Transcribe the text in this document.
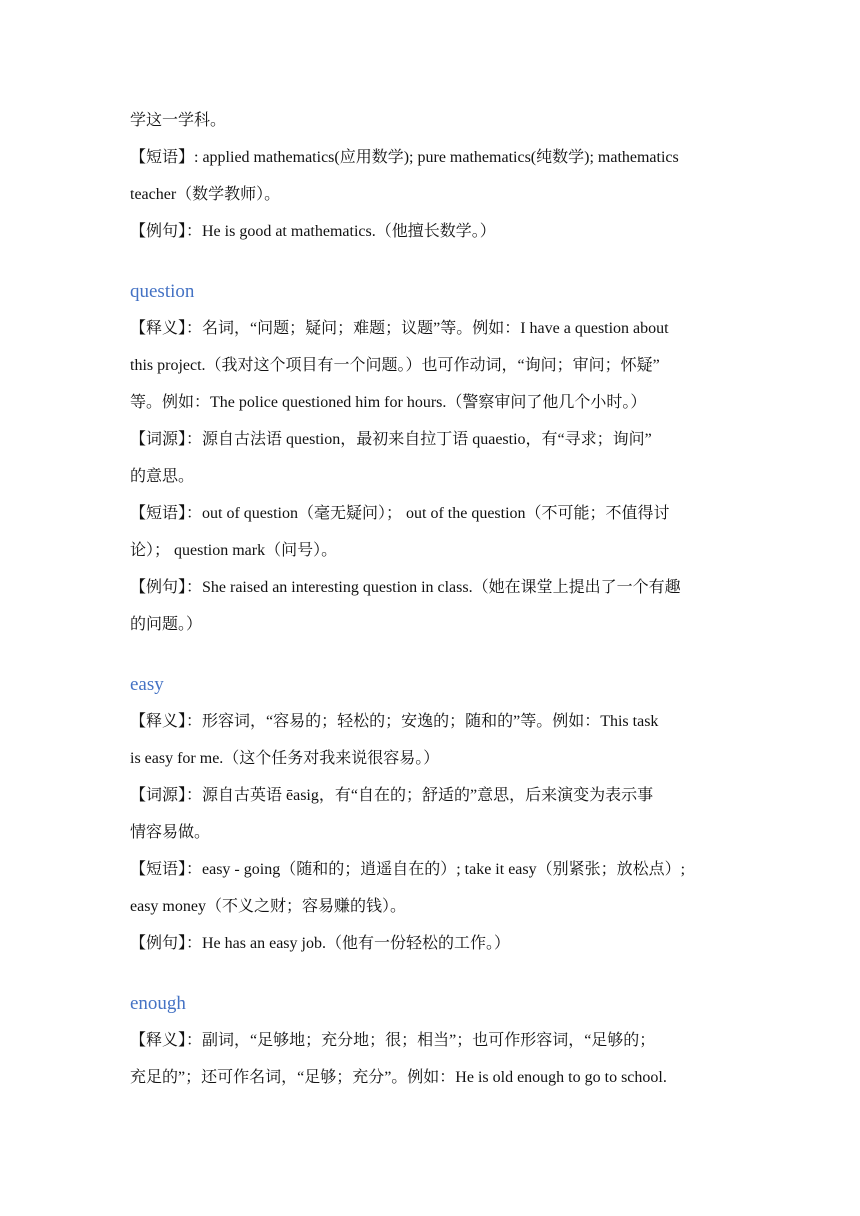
学这一学科。
【短语】: applied mathematics(应用数学); pure mathematics(纯数学); mathematics
teacher（数学教师）。
【例句】：He is good at mathematics.（他擅长数学。）
question
【释义】：名词，“问题；疑问；难题；议题”等。例如：I have a question about
this project.（我对这个项目有一个问题。）也可作动词，“询问；审问；怀疑”
等。例如：The police questioned him for hours.（警察审问了他几个小时。）
【词源】：源自古法语 question，最初来自拉丁语 quaestio，有“寻求；询问”
的意思。
【短语】：out of question（毫无疑问）； out of the question（不可能；不值得讨
论）； question mark（问号）。
【例句】：She raised an interesting question in class.（她在课堂上提出了一个有趣
的问题。）
easy
【释义】：形容词，“容易的；轻松的；安逸的；随和的”等。例如：This task
is easy for me.（这个任务对我来说很容易。）
【词源】：源自古英语 ēasig，有“自在的；舒适的”意思，后来演变为表示事
情容易做。
【短语】：easy - going（随和的；逍遥自在的）; take it easy（别紧张；放松点）;
easy money（不义之财；容易赚的钱）。
【例句】：He has an easy job.（他有一份轻松的工作。）
enough
【释义】：副词，“足够地；充分地；很；相当”；也可作形容词，“足够的；
充足的”；还可作名词，“足够；充分”。例如：He is old enough to go to school.
